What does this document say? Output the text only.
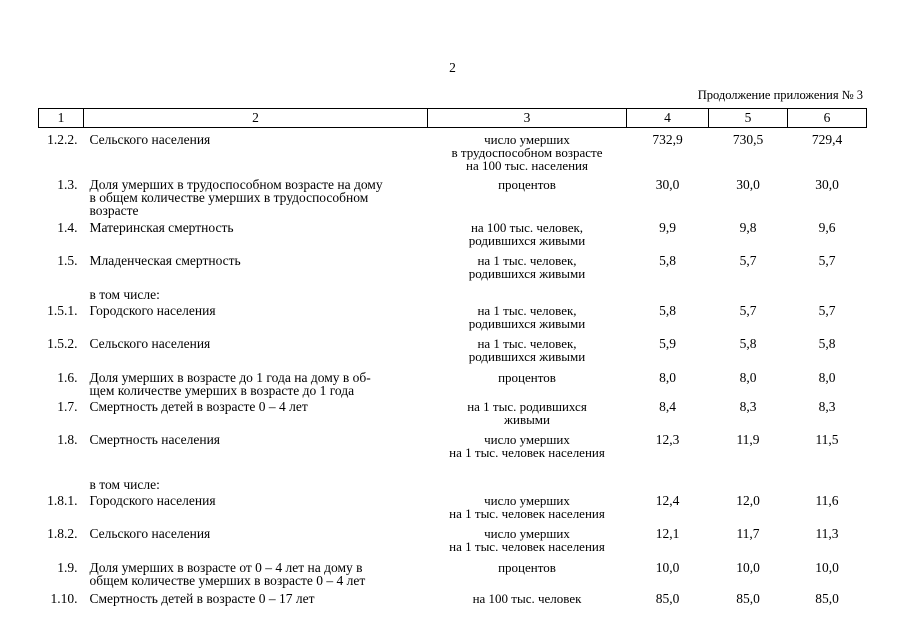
2
Продолжение приложения № 3
1	2	3	4	5	6
1.2.2.	Сельского населения	число умерших
в трудоспособном возрасте
на 100 тыс. населения	732,9	730,5	729,4
1.3.	Доля умерших в трудоспособном возрасте на дому
в общем количестве умерших в трудоспособном
возрасте	процентов	30,0	30,0	30,0
1.4.	Материнская смертность	на 100 тыс. человек,
родившихся живыми	9,9	9,8	9,6
1.5.	Младенческая смертность	на 1 тыс. человек,
родившихся живыми	5,8	5,7	5,7
	в том числе:				
1.5.1.	Городского населения	на 1 тыс. человек,
родившихся живыми	5,8	5,7	5,7
1.5.2.	Сельского населения	на 1 тыс. человек,
родившихся живыми	5,9	5,8	5,8
1.6.	Доля умерших в возрасте до 1 года на дому в об-
щем количестве умерших в возрасте до 1 года	процентов	8,0	8,0	8,0
1.7.	Смертность детей в возрасте 0 – 4 лет	на 1 тыс. родившихся
живыми	8,4	8,3	8,3
1.8.	Смертность населения	число умерших
на 1 тыс. человек населения	12,3	11,9	11,5
	в том числе:				
1.8.1.	Городского населения	число умерших
на 1 тыс. человек населения	12,4	12,0	11,6
1.8.2.	Сельского населения	число умерших
на 1 тыс. человек населения	12,1	11,7	11,3
1.9.	Доля умерших в возрасте от 0 – 4 лет на дому в
общем количестве умерших в возрасте 0 – 4 лет	процентов	10,0	10,0	10,0
1.10.	Смертность детей в возрасте 0 – 17 лет	на 100 тыс. человек	85,0	85,0	85,0
